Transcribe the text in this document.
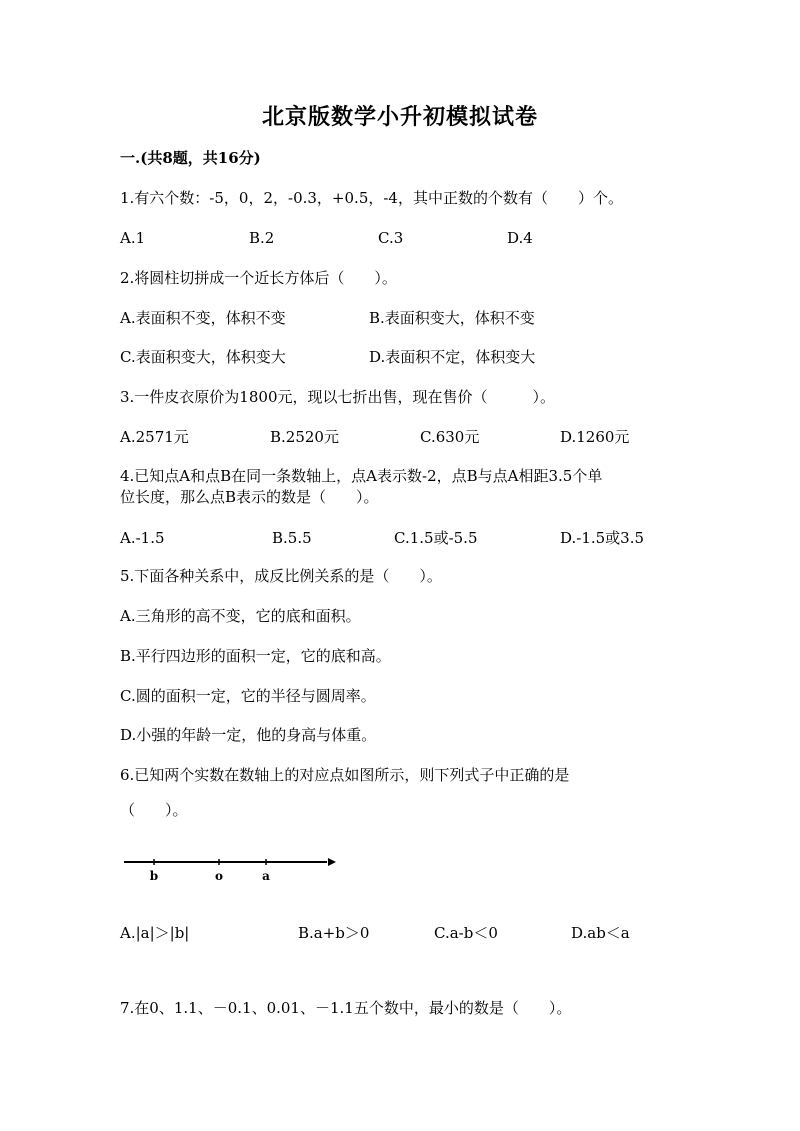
北京版数学小升初模拟试卷
一.(共8题，共16分)
1.有六个数：-5，0，2，-0.3，+0.5，-4，其中正数的个数有（　　）个。
A.1	B.2	C.3	D.4
2.将圆柱切拼成一个近长方体后（　　）。
A.表面积不变，体积不变	B.表面积变大，体积不变
C.表面积变大，体积变大	D.表面积不定，体积变大
3.一件皮衣原价为1800元，现以七折出售，现在售价（　　　）。
A.2571元	B.2520元	C.630元	D.1260元
4.已知点A和点B在同一条数轴上，点A表示数-2，点B与点A相距3.5个单
位长度，那么点B表示的数是（　　）。
A.-1.5	B.5.5	C.1.5或-5.5	D.-1.5或3.5
5.下面各种关系中，成反比例关系的是（　　）。
A.三角形的高不变，它的底和面积。
B.平行四边形的面积一定，它的底和高。
C.圆的面积一定，它的半径与圆周率。
D.小强的年龄一定，他的身高与体重。
6.已知两个实数在数轴上的对应点如图所示，则下列式子中正确的是
（　　）。
b	o	a
A.|a|＞|b|	B.a+b＞0	C.a-b＜0	D.ab＜a
7.在0、1.1、－0.1、0.01、－1.1五个数中，最小的数是（　　）。
